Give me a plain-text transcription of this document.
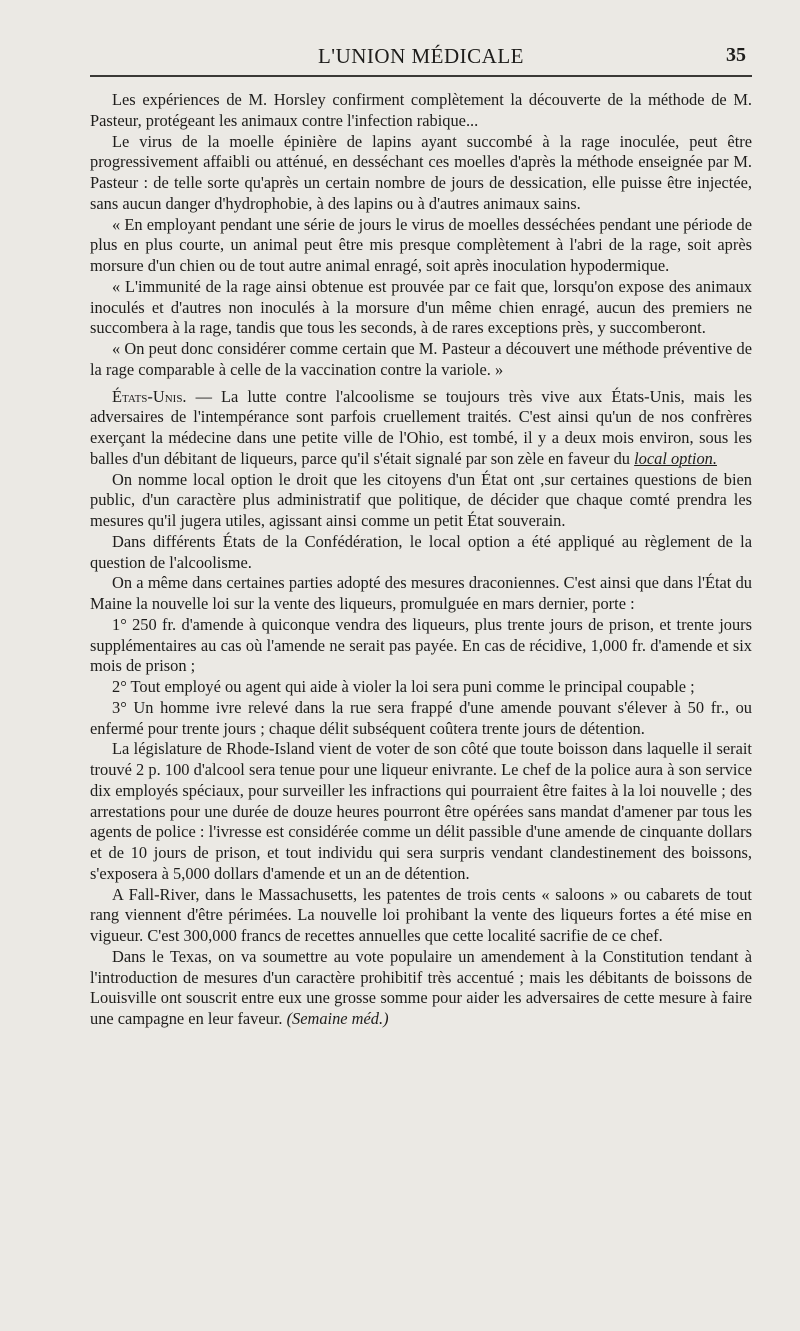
L'UNION MÉDICALE	35

Les expériences de M. Horsley confirment complètement la découverte de la méthode de M. Pasteur, protégeant les animaux contre l'infection rabique...

Le virus de la moelle épinière de lapins ayant succombé à la rage inoculée, peut être progressivement affaibli ou atténué, en desséchant ces moelles d'après la méthode enseignée par M. Pasteur : de telle sorte qu'après un certain nombre de jours de dessication, elle puisse être injectée, sans aucun danger d'hydrophobie, à des lapins ou à d'autres animaux sains.

« En employant pendant une série de jours le virus de moelles desséchées pendant une période de plus en plus courte, un animal peut être mis presque complètement à l'abri de la rage, soit après morsure d'un chien ou de tout autre animal enragé, soit après inoculation hypodermique.

« L'immunité de la rage ainsi obtenue est prouvée par ce fait que, lorsqu'on expose des animaux inoculés et d'autres non inoculés à la morsure d'un même chien enragé, aucun des premiers ne succombera à la rage, tandis que tous les seconds, à de rares exceptions près, y succomberont.

« On peut donc considérer comme certain que M. Pasteur a découvert une méthode préventive de la rage comparable à celle de la vaccination contre la variole. »

États-Unis. — La lutte contre l'alcoolisme se toujours très vive aux États-Unis, mais les adversaires de l'intempérance sont parfois cruellement traités. C'est ainsi qu'un de nos confrères exerçant la médecine dans une petite ville de l'Ohio, est tombé, il y a deux mois environ, sous les balles d'un débitant de liqueurs, parce qu'il s'était signalé par son zèle en faveur du local option.

On nomme local option le droit que les citoyens d'un État ont ,sur certaines questions de bien public, d'un caractère plus administratif que politique, de décider que chaque comté prendra les mesures qu'il jugera utiles, agissant ainsi comme un petit État souverain.

Dans différents États de la Confédération, le local option a été appliqué au règlement de la question de l'alcoolisme.

On a même dans certaines parties adopté des mesures draconiennes. C'est ainsi que dans l'État du Maine la nouvelle loi sur la vente des liqueurs, promulguée en mars dernier, porte :

1° 250 fr. d'amende à quiconque vendra des liqueurs, plus trente jours de prison, et trente jours supplémentaires au cas où l'amende ne serait pas payée. En cas de récidive, 1,000 fr. d'amende et six mois de prison ;

2° Tout employé ou agent qui aide à violer la loi sera puni comme le principal coupable ;

3° Un homme ivre relevé dans la rue sera frappé d'une amende pouvant s'élever à 50 fr., ou enfermé pour trente jours ; chaque délit subséquent coûtera trente jours de détention.

La législature de Rhode-Island vient de voter de son côté que toute boisson dans laquelle il serait trouvé 2 p. 100 d'alcool sera tenue pour une liqueur enivrante. Le chef de la police aura à son service dix employés spéciaux, pour surveiller les infractions qui pourraient être faites à la loi nouvelle ; des arrestations pour une durée de douze heures pourront être opérées sans mandat d'amener par tous les agents de police : l'ivresse est considérée comme un délit passible d'une amende de cinquante dollars et de 10 jours de prison, et tout individu qui sera surpris vendant clandestinement des boissons, s'exposera à 5,000 dollars d'amende et un an de détention.

A Fall-River, dans le Massachusetts, les patentes de trois cents « saloons » ou cabarets de tout rang viennent d'être périmées. La nouvelle loi prohibant la vente des liqueurs fortes a été mise en vigueur. C'est 300,000 francs de recettes annuelles que cette localité sacrifie de ce chef.

Dans le Texas, on va soumettre au vote populaire un amendement à la Constitution tendant à l'introduction de mesures d'un caractère prohibitif très accentué ; mais les débitants de boissons de Louisville ont souscrit entre eux une grosse somme pour aider les adversaires de cette mesure à faire une campagne en leur faveur. (Semaine méd.)
